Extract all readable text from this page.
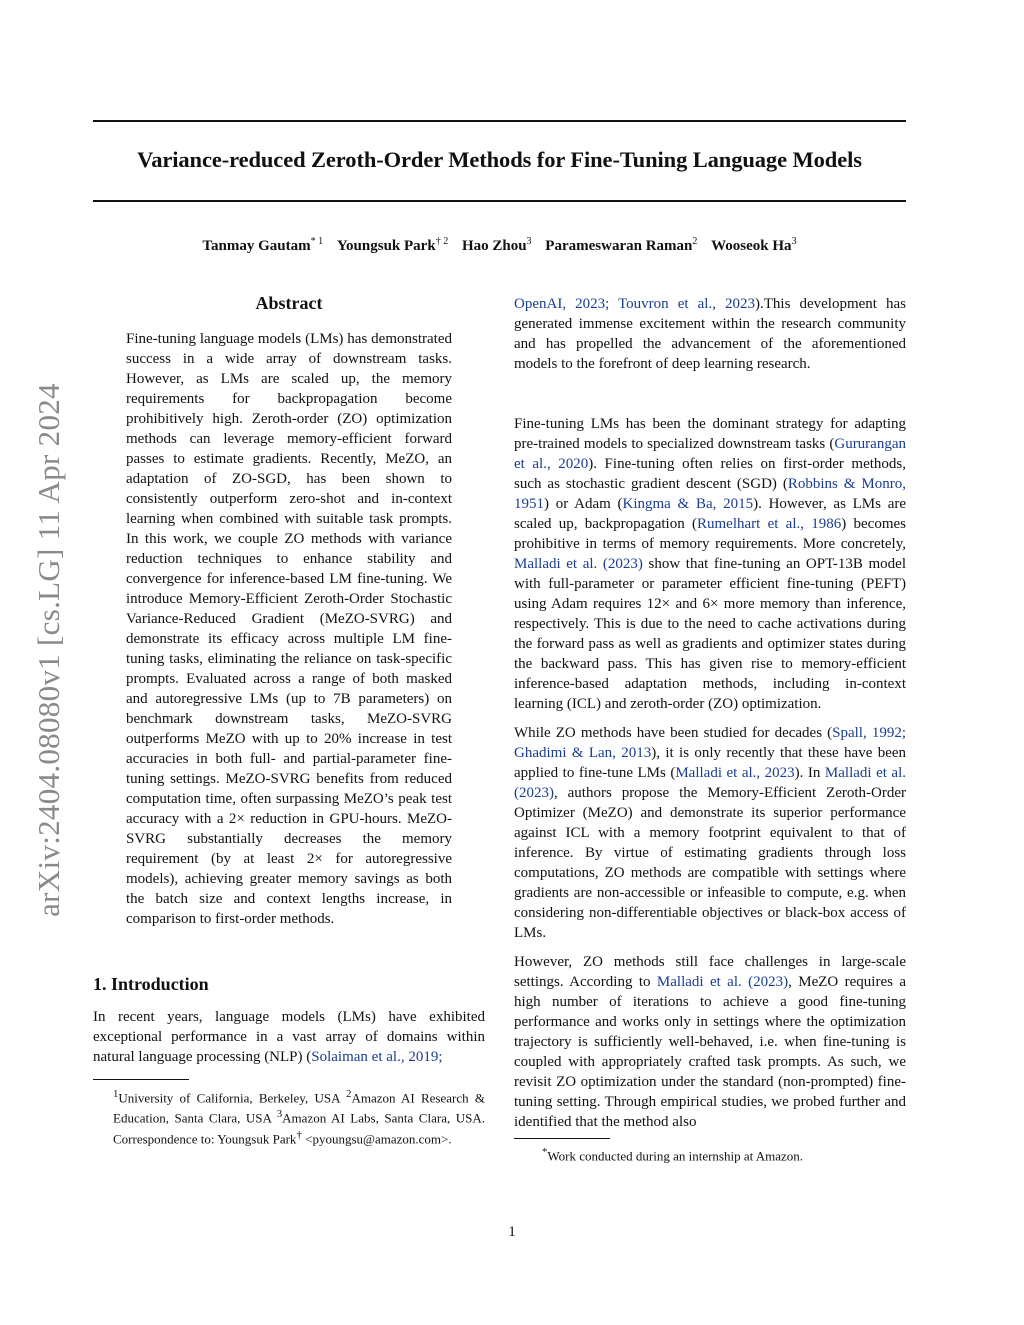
Variance-reduced Zeroth-Order Methods for Fine-Tuning Language Models
Tanmay Gautam$^{* 1}$ Youngsuk Park$^{\dagger 2}$ Hao Zhou$^3$ Parameswaran Raman$^2$ Wooseok Ha$^3$
arXiv:2404.08080v1 [cs.LG] 11 Apr 2024
Abstract

Fine-tuning language models (LMs) has demonstrated success in a wide array of downstream tasks. However, as LMs are scaled up, the memory requirements for backpropagation become prohibitively high. Zeroth-order (ZO) optimization methods can leverage memory-efficient forward passes to estimate gradients. Recently, MeZO, an adaptation of ZO-SGD, has been shown to consistently outperform zero-shot and in-context learning when combined with suitable task prompts. In this work, we couple ZO methods with variance reduction techniques to enhance stability and convergence for inference-based LM fine-tuning. We introduce Memory-Efficient Zeroth-Order Stochastic Variance-Reduced Gradient (MeZO-SVRG) and demonstrate its efficacy across multiple LM fine-tuning tasks, eliminating the reliance on task-specific prompts. Evaluated across a range of both masked and autoregressive LMs (up to 7B parameters) on benchmark downstream tasks, MeZO-SVRG outperforms MeZO with up to 20% increase in test accuracies in both full- and partial-parameter fine-tuning settings. MeZO-SVRG benefits from reduced computation time, often surpassing MeZO’s peak test accuracy with a 2× reduction in GPU-hours. MeZO-SVRG substantially decreases the memory requirement (by at least 2× for autoregressive models), achieving greater memory savings as both the batch size and context lengths increase, in comparison to first-order methods.

1. Introduction

In recent years, language models (LMs) have exhibited exceptional performance in a vast array of domains within natural language processing (NLP) (Solaiman et al., 2019;

$^1$University of California, Berkeley, USA $^2$Amazon AI Research & Education, Santa Clara, USA $^3$Amazon AI Labs, Santa Clara, USA. Correspondence to: Youngsuk Park† <pyoungsu@amazon.com>.

OpenAI, 2023; Touvron et al., 2023).This development has generated immense excitement within the research community and has propelled the advancement of the aforementioned models to the forefront of deep learning research.

Fine-tuning LMs has been the dominant strategy for adapting pre-trained models to specialized downstream tasks (Gururangan et al., 2020). Fine-tuning often relies on first-order methods, such as stochastic gradient descent (SGD) (Robbins & Monro, 1951) or Adam (Kingma & Ba, 2015). However, as LMs are scaled up, backpropagation (Rumelhart et al., 1986) becomes prohibitive in terms of memory requirements. More concretely, Malladi et al. (2023) show that fine-tuning an OPT-13B model with full-parameter or parameter efficient fine-tuning (PEFT) using Adam requires 12× and 6× more memory than inference, respectively. This is due to the need to cache activations during the forward pass as well as gradients and optimizer states during the backward pass. This has given rise to memory-efficient inference-based adaptation methods, including in-context learning (ICL) and zeroth-order (ZO) optimization.

While ZO methods have been studied for decades (Spall, 1992; Ghadimi & Lan, 2013), it is only recently that these have been applied to fine-tune LMs (Malladi et al., 2023). In Malladi et al. (2023), authors propose the Memory-Efficient Zeroth-Order Optimizer (MeZO) and demonstrate its superior performance against ICL with a memory footprint equivalent to that of inference. By virtue of estimating gradients through loss computations, ZO methods are compatible with settings where gradients are non-accessible or infeasible to compute, e.g. when considering non-differentiable objectives or black-box access of LMs.

However, ZO methods still face challenges in large-scale settings. According to Malladi et al. (2023), MeZO requires a high number of iterations to achieve a good fine-tuning performance and works only in settings where the optimization trajectory is sufficiently well-behaved, i.e. when fine-tuning is coupled with appropriately crafted task prompts. As such, we revisit ZO optimization under the standard (non-prompted) fine-tuning setting. Through empirical studies, we probed further and identified that the method also

*Work conducted during an internship at Amazon.
1
